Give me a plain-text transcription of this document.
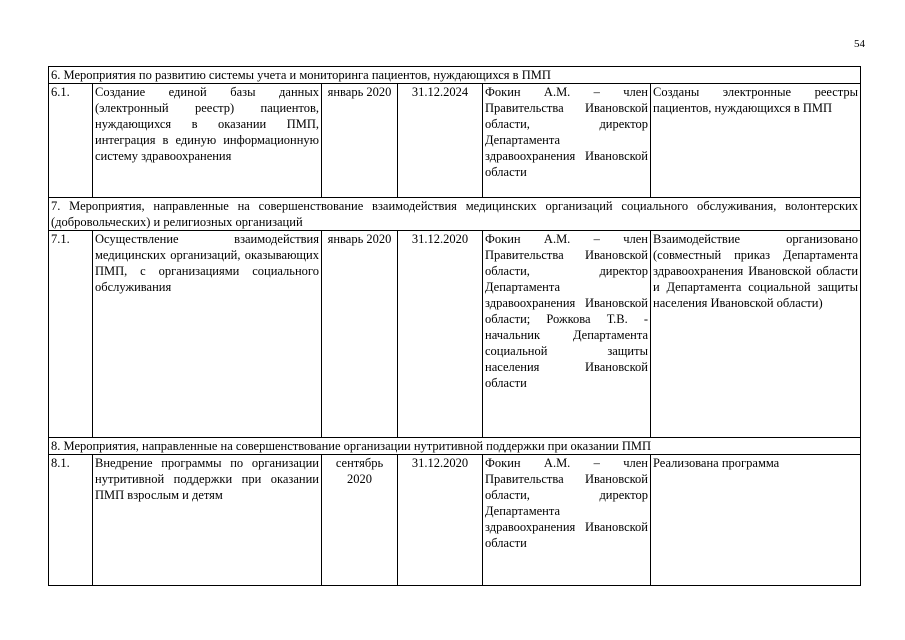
54
6. Мероприятия по развитию системы учета и мониторинга пациентов, нуждающихся в ПМП					

6.1.	Создание единой базы данных (электронный реестр) пациентов, нуждающихся в оказании ПМП, интеграция в единую информационную систему здравоохранения	январь 2020	31.12.2024	Фокин А.М. – член Правительства Ивановской области, директор Департамента здравоохранения Ивановской области	Созданы электронные реестры пациентов, нуждающихся в ПМП

7. Мероприятия, направленные на совершенствование взаимодействия медицинских организаций социального обслуживания, волонтерских (добровольческих) и религиозных организаций					

7.1.	Осуществление взаимодействия медицинских организаций, оказывающих ПМП, с организациями социального обслуживания	январь 2020	31.12.2020	Фокин А.М. – член Правительства Ивановской области, директор Департамента здравоохранения Ивановской области; Рожкова Т.В. - начальник Департамента социальной защиты населения Ивановской области	Взаимодействие организовано (совместный приказ Департамента здравоохранения Ивановской области и Департамента социальной защиты населения Ивановской области)

8. Мероприятия, направленные на совершенствование организации нутритивной поддержки при оказании ПМП					

8.1.	Внедрение программы по организации нутритивной поддержки при оказании ПМП взрослым и детям	сентябрь 2020	31.12.2020	Фокин А.М. – член Правительства Ивановской области, директор Департамента здравоохранения Ивановской области	Реализована программа
